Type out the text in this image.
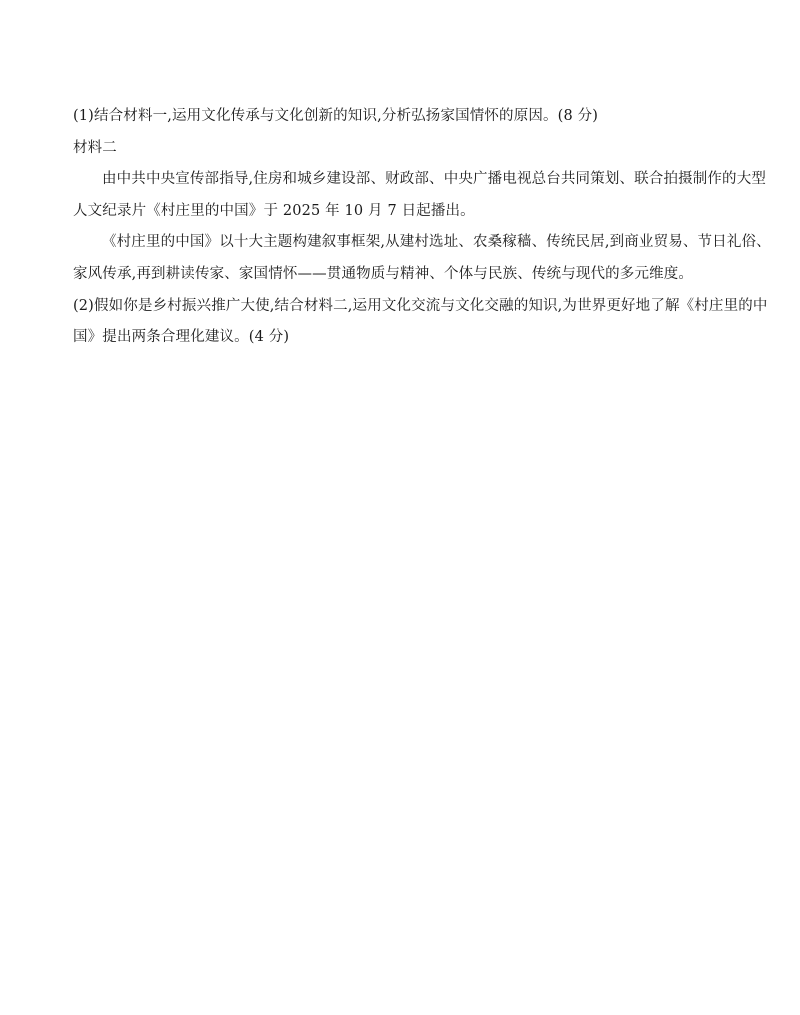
(1)结合材料一,运用文化传承与文化创新的知识,分析弘扬家国情怀的原因。(8 分)
材料二
由中共中央宣传部指导,住房和城乡建设部、财政部、中央广播电视总台共同策划、联合拍摄制作的大型
人文纪录片《村庄里的中国》于 2025 年 10 月 7 日起播出。
《村庄里的中国》以十大主题构建叙事框架,从建村选址、农桑稼穑、传统民居,到商业贸易、节日礼俗、
家风传承,再到耕读传家、家国情怀——贯通物质与精神、个体与民族、传统与现代的多元维度。
(2)假如你是乡村振兴推广大使,结合材料二,运用文化交流与文化交融的知识,为世界更好地了解《村庄里的中
国》提出两条合理化建议。(4 分)
